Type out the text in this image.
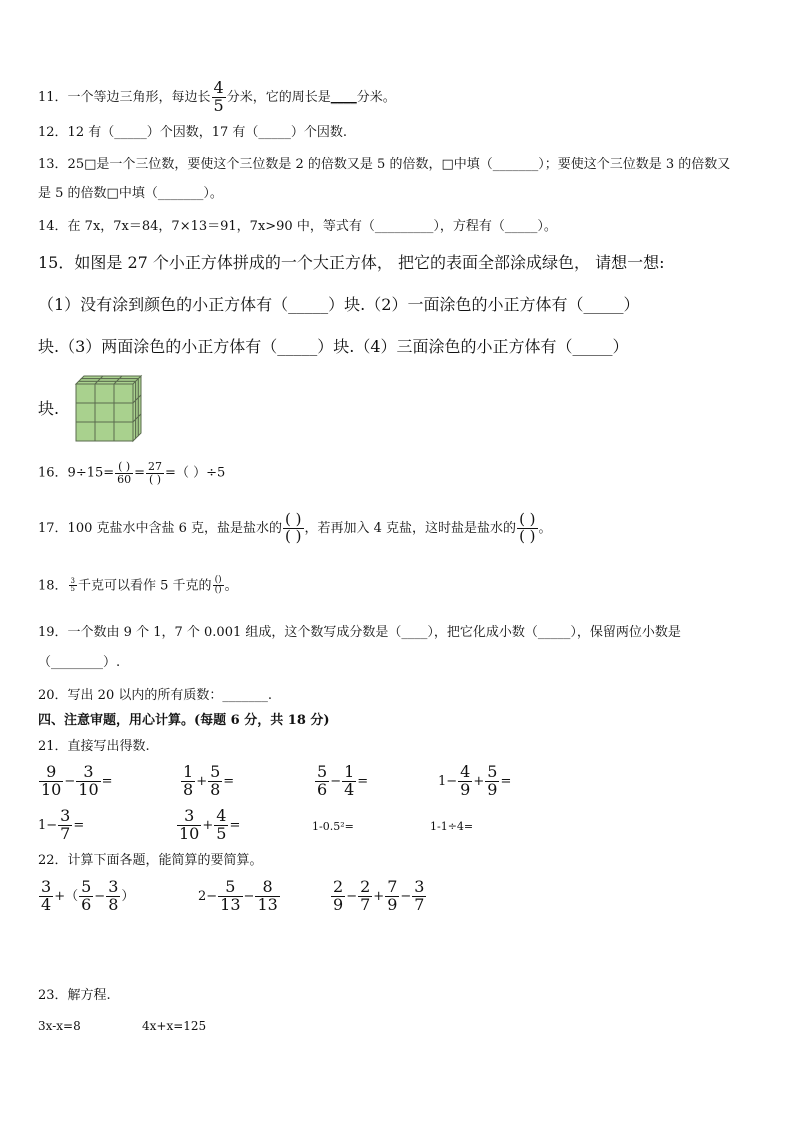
11．一个等边三角形，每边长 $\frac{4}{5}$ 分米，它的周长是____分米。
12．12 有（_____）个因数，17 有（_____）个因数.
13．25□是一个三位数，要使这个三位数是 2 的倍数又是 5 的倍数，□中填（_______）；要使这个三位数是 3 的倍数又
是 5 的倍数□中填（_______）。
14．在 7x，7x＝84，7×13＝91，7x>90 中，等式有（_________），方程有（_____）。
15．如图是 27 个小正方体拼成的一个大正方体， 把它的表面全部涂成绿色， 请想一想:
（1）没有涂到颜色的小正方体有（_____）块.（2）一面涂色的小正方体有（_____）
块.（3）两面涂色的小正方体有（_____）块.（4）三面涂色的小正方体有（_____）
块.
16．$9\div 15= \frac{( )}{60} = \frac{27}{( )}$ =（ ）÷5
17．100 克盐水中含盐 6 克，盐是盐水的 $\frac{( )}{( )}$ ，若再加入 4 克盐，这时盐是盐水的 $\frac{( )}{( )}$ 。
18． $\frac{3}{5}$ 千克可以看作 5 千克的 $\frac{()}{()}$ 。
19．一个数由 9 个 1，7 个 0.001 组成，这个数写成分数是（____），把它化成小数（_____），保留两位小数是
（________）.
20．写出 20 以内的所有质数：_______.
四、注意审题，用心计算。(每题 6 分，共 18 分)
21．直接写出得数.
$\frac{9}{10} - \frac{3}{10}$ =	$\frac{1}{8} + \frac{5}{8}$ =	$\frac{5}{6} - \frac{1}{4}$ =	$1- \frac{4}{9} + \frac{5}{9}$ =
$1- \frac{3}{7}$ =	$\frac{3}{10} + \frac{4}{5}$ =	1-0.5²=	1-1÷4=
22．计算下面各题，能简算的要简算。
$\frac{3}{4}$ +（ $\frac{5}{6} - \frac{3}{8}$ ）	$2- \frac{5}{13} - \frac{8}{13}$	$\frac{2}{9} - \frac{2}{7} + \frac{7}{9} - \frac{3}{7}$
23．解方程.
3x-x=8	4x+x=125
